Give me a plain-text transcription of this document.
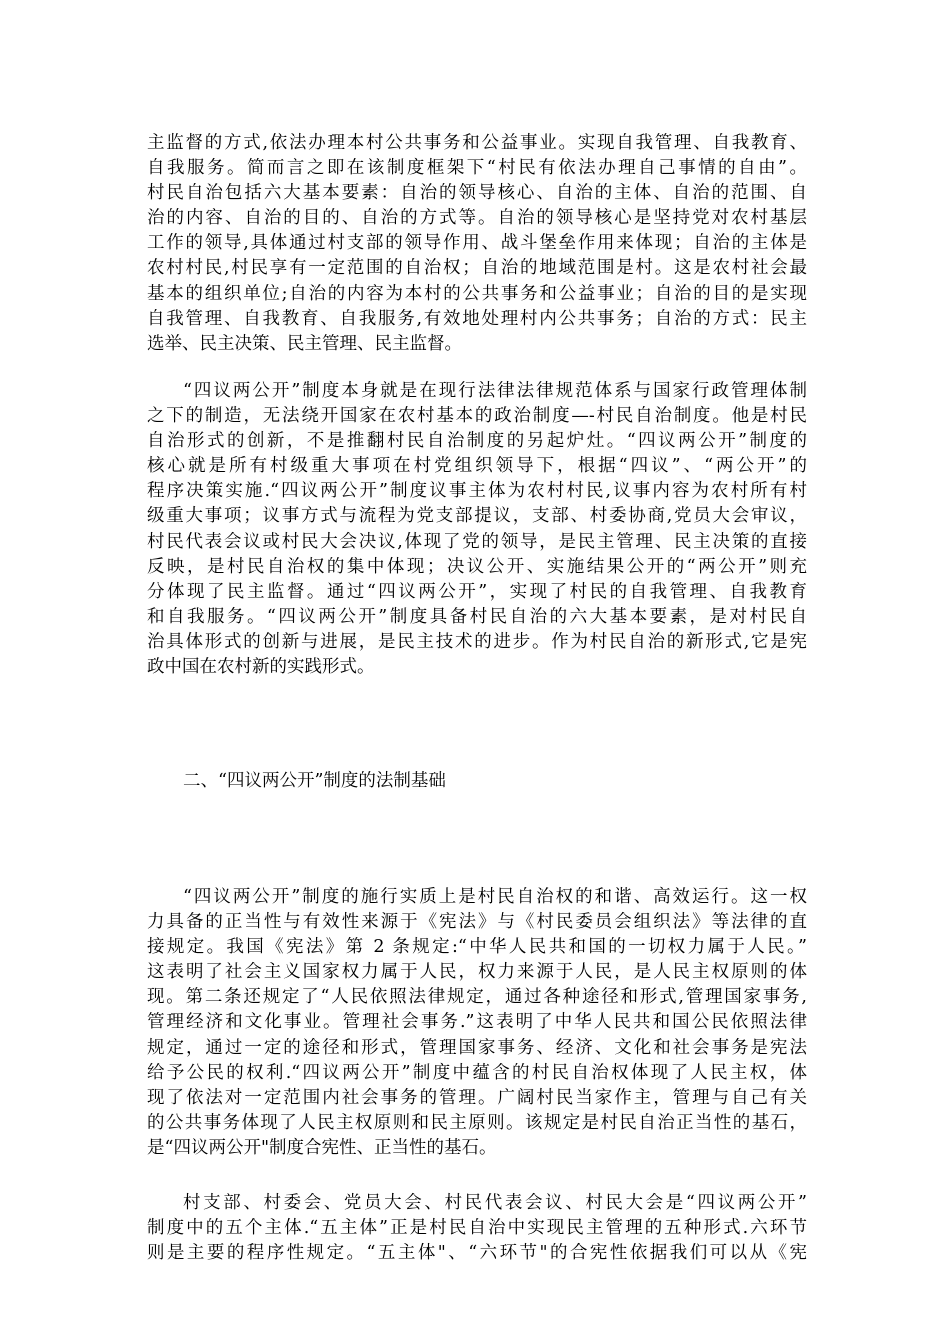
主监督的方式,依法办理本村公共事务和公益事业。实现自我管理、自我教育、
自我服务。简而言之即在该制度框架下“村民有依法办理自己事情的自由”。
村民自治包括六大基本要素：自治的领导核心、自治的主体、自治的范围、自
治的内容、自治的目的、自治的方式等。自治的领导核心是坚持党对农村基层
工作的领导,具体通过村支部的领导作用、战斗堡垒作用来体现；自治的主体是
农村村民,村民享有一定范围的自治权；自治的地域范围是村。这是农村社会最
基本的组织单位;自治的内容为本村的公共事务和公益事业；自治的目的是实现
自我管理、自我教育、自我服务,有效地处理村内公共事务；自治的方式：民主
选举、民主决策、民主管理、民主监督。
“四议两公开”制度本身就是在现行法律法律规范体系与国家行政管理体制
之下的制造，无法绕开国家在农村基本的政治制度—-村民自治制度。他是村民
自治形式的创新，不是推翻村民自治制度的另起炉灶。“四议两公开”制度的
核心就是所有村级重大事项在村党组织领导下，根据“四议”、“两公开”的
程序决策实施.“四议两公开”制度议事主体为农村村民,议事内容为农村所有村
级重大事项；议事方式与流程为党支部提议，支部、村委协商,党员大会审议，
村民代表会议或村民大会决议,体现了党的领导，是民主管理、民主决策的直接
反映，是村民自治权的集中体现；决议公开、实施结果公开的“两公开”则充
分体现了民主监督。通过“四议两公开”，实现了村民的自我管理、自我教育
和自我服务。“四议两公开”制度具备村民自治的六大基本要素，是对村民自
治具体形式的创新与进展，是民主技术的进步。作为村民自治的新形式,它是宪
政中国在农村新的实践形式。
二、“四议两公开”制度的法制基础
“四议两公开”制度的施行实质上是村民自治权的和谐、高效运行。这一权
力具备的正当性与有效性来源于《宪法》与《村民委员会组织法》等法律的直
接规定。我国《宪法》第 2 条规定:“中华人民共和国的一切权力属于人民。”
这表明了社会主义国家权力属于人民，权力来源于人民，是人民主权原则的体
现。第二条还规定了“人民依照法律规定，通过各种途径和形式,管理国家事务,
管理经济和文化事业。管理社会事务.”这表明了中华人民共和国公民依照法律
规定，通过一定的途径和形式，管理国家事务、经济、文化和社会事务是宪法
给予公民的权利.“四议两公开”制度中蕴含的村民自治权体现了人民主权，体
现了依法对一定范围内社会事务的管理。广阔村民当家作主，管理与自己有关
的公共事务体现了人民主权原则和民主原则。该规定是村民自治正当性的基石，
是“四议两公开"制度合宪性、正当性的基石。
村支部、村委会、党员大会、村民代表会议、村民大会是“四议两公开”
制度中的五个主体.“五主体”正是村民自治中实现民主管理的五种形式.六环节
则是主要的程序性规定。“五主体"、“六环节"的合宪性依据我们可以从《宪
